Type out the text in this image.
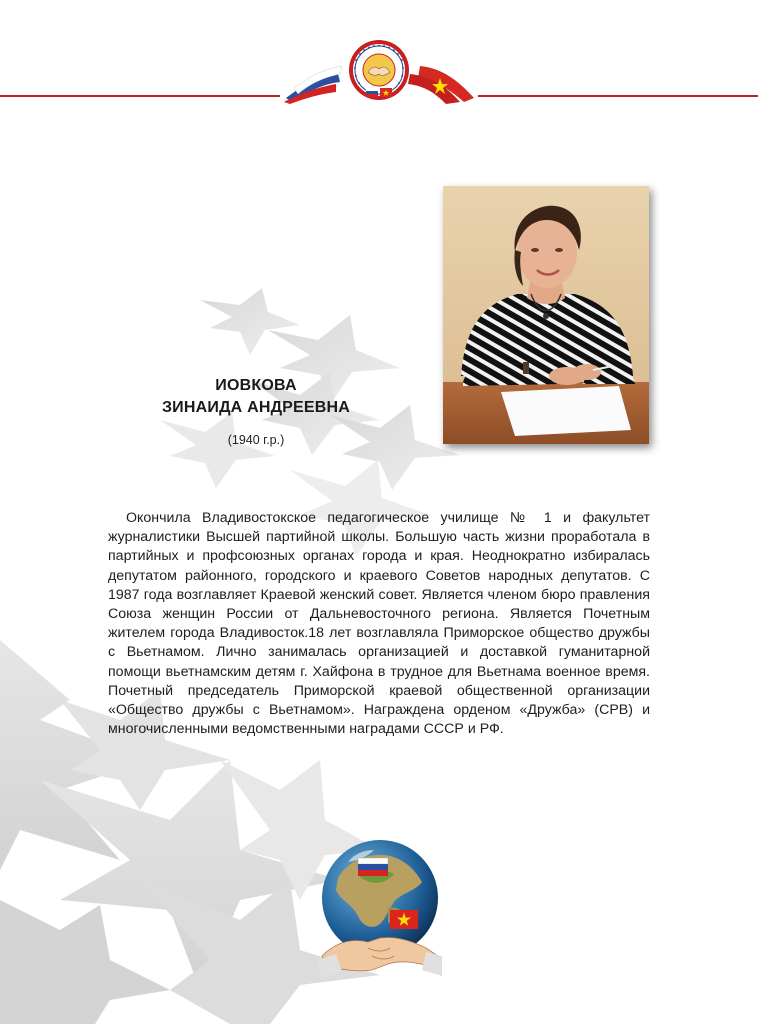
ИОВКОВА
ЗИНАИДА АНДРЕЕВНА
(1940 г.р.)

Окончила Владивостокское педагогическое училище № 1 и факультет журналистики Высшей партийной школы. Большую часть жизни проработала в партийных и профсоюзных органах города и края. Неоднократно избиралась депутатом районного, городского и краевого Советов народных депутатов. С 1987 года возглавляет Краевой женский совет. Является членом бюро правления Союза женщин России от Дальневосточного региона. Является Почетным жителем города Владивосток.18 лет возглавляла Приморское общество дружбы с Вьетнамом. Лично занималась организацией и доставкой гуманитарной помощи вьетнамским детям г. Хайфона в трудное для Вьетнама военное время. Почетный председатель Приморской краевой общественной организации «Общество дружбы с Вьетнамом». Награждена орденом «Дружба» (СРВ) и многочисленными ведомственными наградами СССР и РФ.
